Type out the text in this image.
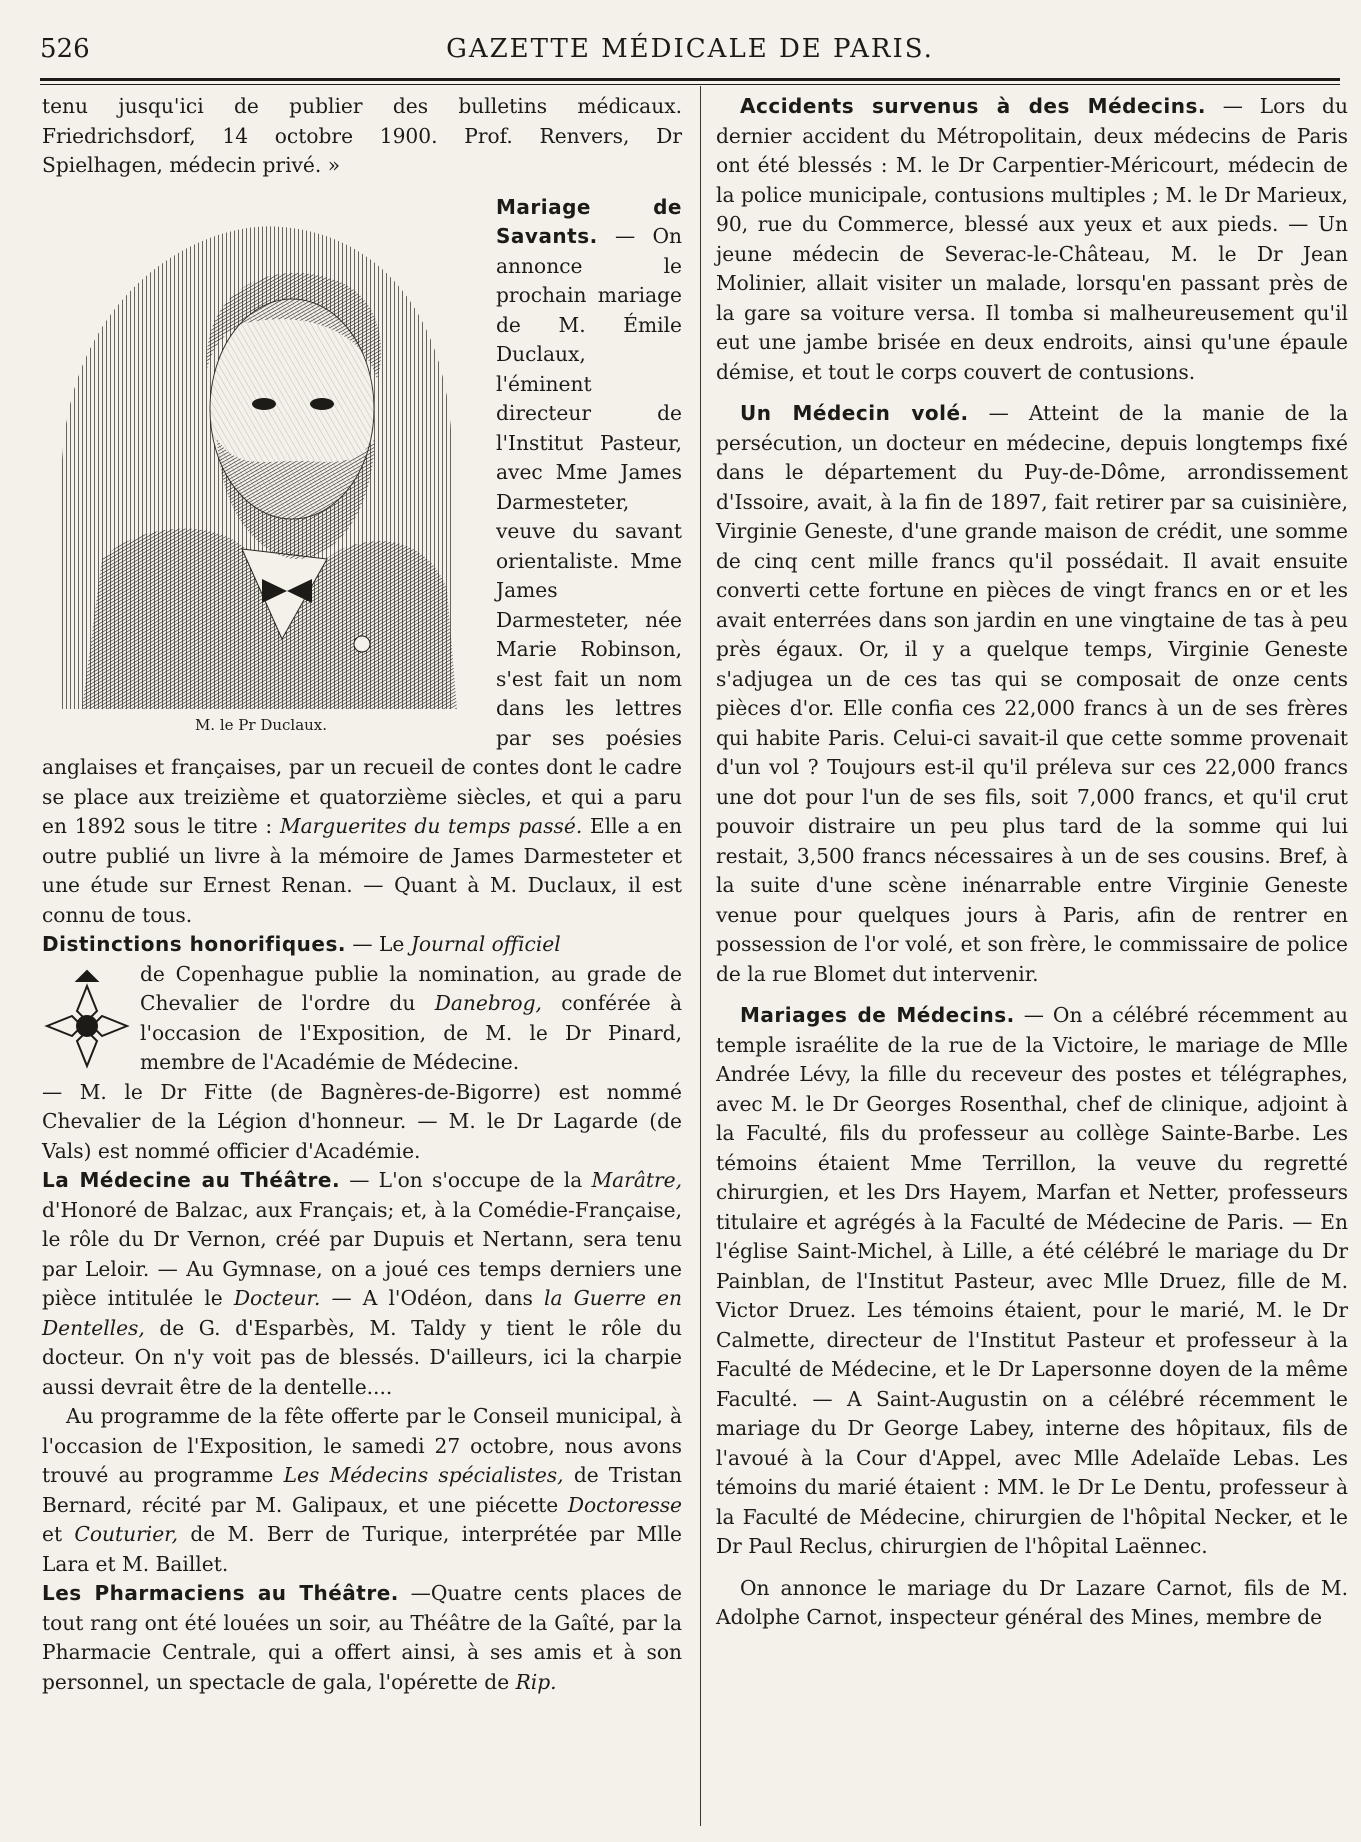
526	GAZETTE MÉDICALE DE PARIS.

tenu jusqu'ici de publier des bulletins médicaux. Friedrichsdorf, 14 octobre 1900. Prof. Renvers, Dr Spielhagen, médecin privé. »

M. le Pr Duclaux.

Mariage de Savants. — On annonce le prochain mariage de M. Émile Duclaux, l'éminent directeur de l'Institut Pasteur, avec Mme James Darmesteter, veuve du savant orientaliste. Mme James Darmesteter, née Marie Robinson, s'est fait un nom dans les lettres par ses poésies anglaises et françaises, par un recueil de contes dont le cadre se place aux treizième et quatorzième siècles, et qui a paru en 1892 sous le titre : Marguerites du temps passé. Elle a en outre publié un livre à la mémoire de James Darmesteter et une étude sur Ernest Renan. — Quant à M. Duclaux, il est connu de tous.

Distinctions honorifiques. — Le Journal officiel

de Copenhague publie la nomination, au grade de Chevalier de l'ordre du Danebrog, conférée à l'occasion de l'Exposition, de M. le Dr Pinard, membre de l'Académie de Médecine.

— M. le Dr Fitte (de Bagnères-de-Bigorre) est nommé Chevalier de la Légion d'honneur. — M. le Dr Lagarde (de Vals) est nommé officier d'Académie.

La Médecine au Théâtre. — L'on s'occupe de la Marâtre, d'Honoré de Balzac, aux Français; et, à la Comédie-Française, le rôle du Dr Vernon, créé par Dupuis et Nertann, sera tenu par Leloir. — Au Gymnase, on a joué ces temps derniers une pièce intitulée le Docteur. — A l'Odéon, dans la Guerre en Dentelles, de G. d'Esparbès, M. Taldy y tient le rôle du docteur. On n'y voit pas de blessés. D'ailleurs, ici la charpie aussi devrait être de la dentelle....

Au programme de la fête offerte par le Conseil municipal, à l'occasion de l'Exposition, le samedi 27 octobre, nous avons trouvé au programme Les Médecins spécialistes, de Tristan Bernard, récité par M. Galipaux, et une piécette Doctoresse et Couturier, de M. Berr de Turique, interprétée par Mlle Lara et M. Baillet.

Les Pharmaciens au Théâtre. —Quatre cents places de tout rang ont été louées un soir, au Théâtre de la Gaîté, par la Pharmacie Centrale, qui a offert ainsi, à ses amis et à son personnel, un spectacle de gala, l'opérette de Rip.

Accidents survenus à des Médecins. — Lors du dernier accident du Métropolitain, deux médecins de Paris ont été blessés : M. le Dr Carpentier-Méricourt, médecin de la police municipale, contusions multiples ; M. le Dr Marieux, 90, rue du Commerce, blessé aux yeux et aux pieds. — Un jeune médecin de Severac-le-Château, M. le Dr Jean Molinier, allait visiter un malade, lorsqu'en passant près de la gare sa voiture versa. Il tomba si malheureusement qu'il eut une jambe brisée en deux endroits, ainsi qu'une épaule démise, et tout le corps couvert de contusions.

Un Médecin volé. — Atteint de la manie de la persécution, un docteur en médecine, depuis longtemps fixé dans le département du Puy-de-Dôme, arrondissement d'Issoire, avait, à la fin de 1897, fait retirer par sa cuisinière, Virginie Geneste, d'une grande maison de crédit, une somme de cinq cent mille francs qu'il possédait. Il avait ensuite converti cette fortune en pièces de vingt francs en or et les avait enterrées dans son jardin en une vingtaine de tas à peu près égaux. Or, il y a quelque temps, Virginie Geneste s'adjugea un de ces tas qui se composait de onze cents pièces d'or. Elle confia ces 22,000 francs à un de ses frères qui habite Paris. Celui-ci savait-il que cette somme provenait d'un vol ? Toujours est-il qu'il préleva sur ces 22,000 francs une dot pour l'un de ses fils, soit 7,000 francs, et qu'il crut pouvoir distraire un peu plus tard de la somme qui lui restait, 3,500 francs nécessaires à un de ses cousins. Bref, à la suite d'une scène inénarrable entre Virginie Geneste venue pour quelques jours à Paris, afin de rentrer en possession de l'or volé, et son frère, le commissaire de police de la rue Blomet dut intervenir.

Mariages de Médecins. — On a célébré récemment au temple israélite de la rue de la Victoire, le mariage de Mlle Andrée Lévy, la fille du receveur des postes et télégraphes, avec M. le Dr Georges Rosenthal, chef de clinique, adjoint à la Faculté, fils du professeur au collège Sainte-Barbe. Les témoins étaient Mme Terrillon, la veuve du regretté chirurgien, et les Drs Hayem, Marfan et Netter, professeurs titulaire et agrégés à la Faculté de Médecine de Paris. — En l'église Saint-Michel, à Lille, a été célébré le mariage du Dr Painblan, de l'Institut Pasteur, avec Mlle Druez, fille de M. Victor Druez. Les témoins étaient, pour le marié, M. le Dr Calmette, directeur de l'Institut Pasteur et professeur à la Faculté de Médecine, et le Dr Lapersonne doyen de la même Faculté. — A Saint-Augustin on a célébré récemment le mariage du Dr George Labey, interne des hôpitaux, fils de l'avoué à la Cour d'Appel, avec Mlle Adelaïde Lebas. Les témoins du marié étaient : MM. le Dr Le Dentu, professeur à la Faculté de Médecine, chirurgien de l'hôpital Necker, et le Dr Paul Reclus, chirurgien de l'hôpital Laënnec.

On annonce le mariage du Dr Lazare Carnot, fils de M. Adolphe Carnot, inspecteur général des Mines, membre de
